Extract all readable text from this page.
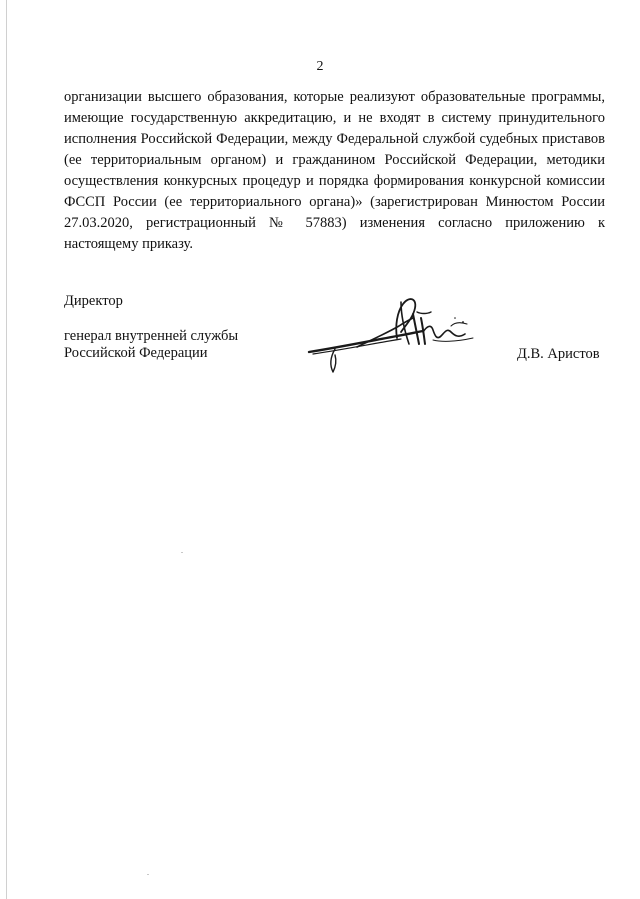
2

организации высшего образования, которые реализуют образовательные программы, имеющие государственную аккредитацию, и не входят в систему принудительного исполнения Российской Федерации, между Федеральной службой судебных приставов (ее территориальным органом) и гражданином Российской Федерации, методики осуществления конкурсных процедур и порядка формирования конкурсной комиссии ФССП России (ее территориального органа)» (зарегистрирован Минюстом России 27.03.2020, регистрационный № 57883) изменения согласно приложению к настоящему приказу.

Директор
генерал внутренней службы
Российской Федерации	Д.В. Аристов
